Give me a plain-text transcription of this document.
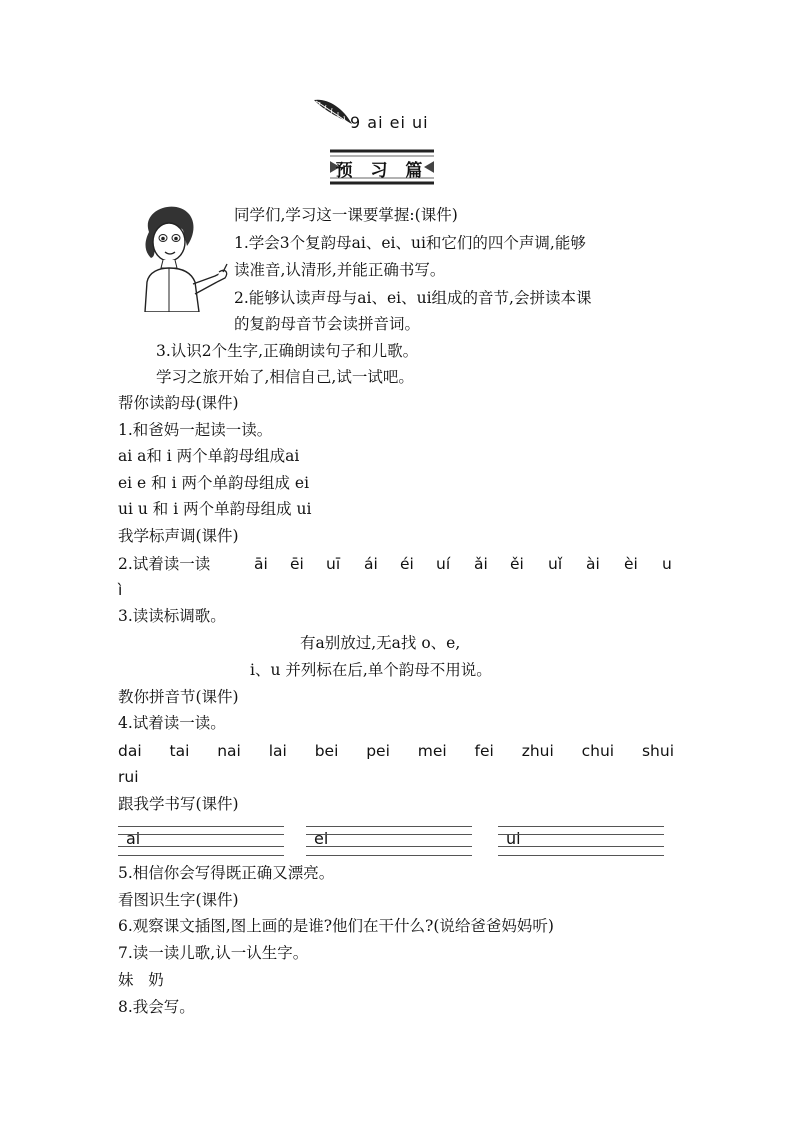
9 ai ei ui
预 习 篇
同学们,学习这一课要掌握:(课件)
1.学会3个复韵母ai、ei、ui和它们的四个声调,能够
读准音,认清形,并能正确书写。
2.能够认读声母与ai、ei、ui组成的音节,会拼读本课
的复韵母音节会读拼音词。
3.认识2个生字,正确朗读句子和儿歌。
学习之旅开始了,相信自己,试一试吧。
帮你读韵母(课件)
1.和爸妈一起读一读。
ai a和 i 两个单韵母组成ai
ei e 和 i 两个单韵母组成 ei
ui u 和 i 两个单韵母组成 ui
我学标声调(课件)
2.试着读一读	āi ēi uī ái éi uí ǎi ěi uǐ ài èi u
ì
3.读读标调歌。
有a别放过,无a找 o、e,
i、u 并列标在后,单个韵母不用说。
教你拼音节(课件)
4.试着读一读。
dai tai nai lai bei pei mei fei zhui chui shui
rui
跟我学书写(课件)
ai	ei	ui
5.相信你会写得既正确又漂亮。
看图识生字(课件)
6.观察课文插图,图上画的是谁?他们在干什么?(说给爸爸妈妈听)
7.读一读儿歌,认一认生字。
妹   奶
8.我会写。
